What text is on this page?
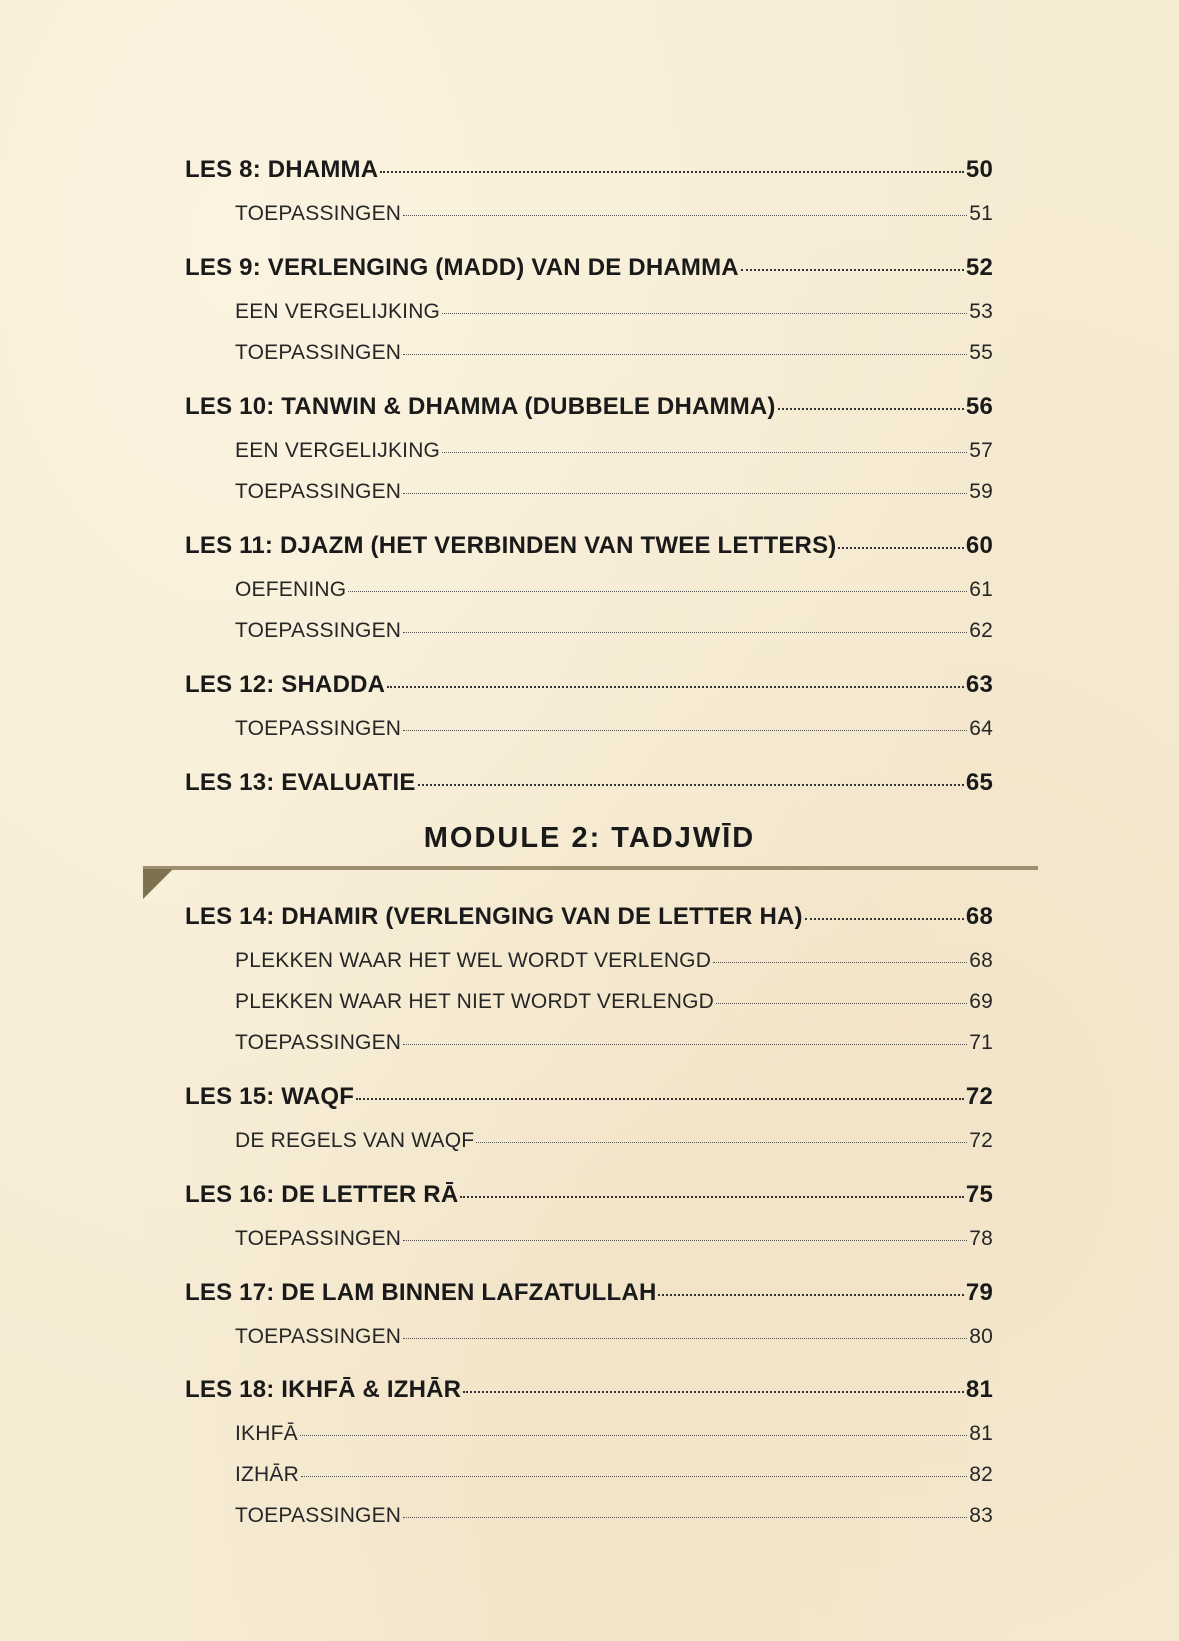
LES 8: DHAMMA	50
TOEPASSINGEN	51
LES 9: VERLENGING (MADD) VAN DE DHAMMA	52
EEN VERGELIJKING	53
TOEPASSINGEN	55
LES 10: TANWIN & DHAMMA (DUBBELE DHAMMA)	56
EEN VERGELIJKING	57
TOEPASSINGEN	59
LES 11: DJAZM (HET VERBINDEN VAN TWEE LETTERS)	60
OEFENING	61
TOEPASSINGEN	62
LES 12: SHADDA	63
TOEPASSINGEN	64
LES 13: EVALUATIE	65
LES 14: DHAMIR (VERLENGING VAN DE LETTER HA)	68
PLEKKEN WAAR HET WEL WORDT VERLENGD	68
PLEKKEN WAAR HET NIET WORDT VERLENGD	69
TOEPASSINGEN	71
LES 15: WAQF	72
DE REGELS VAN WAQF	72
LES 16: DE LETTER RĀ	75
TOEPASSINGEN	78
LES 17: DE LAM BINNEN LAFZATULLAH	79
TOEPASSINGEN	80
LES 18: IKHFĀ & IZHĀR	81
IKHFĀ	81
IZHĀR	82
TOEPASSINGEN	83
MODULE 2: TADJWĪD
